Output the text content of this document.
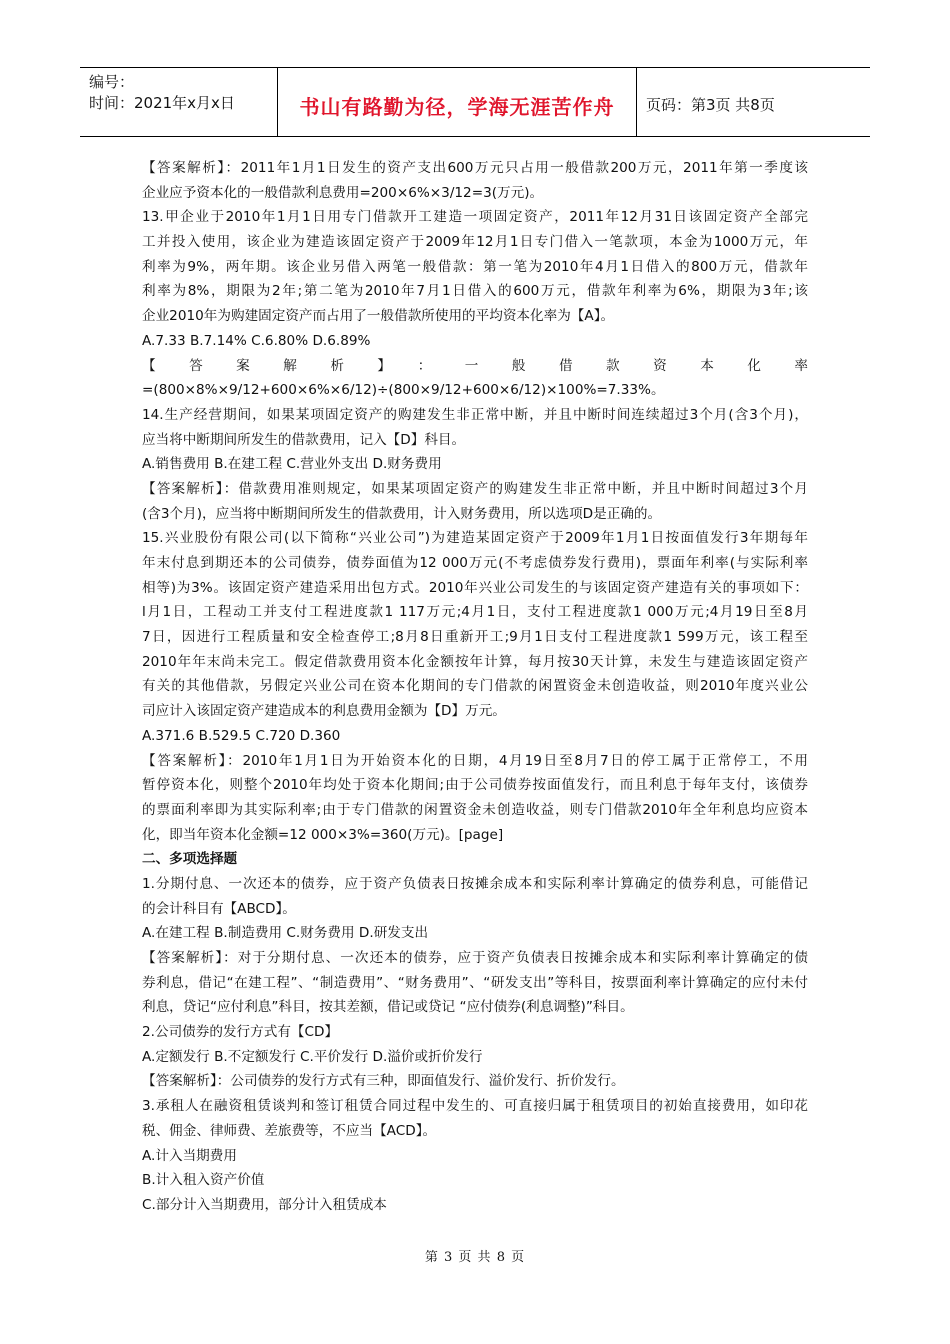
编号：
时间：2021年x月x日	书山有路勤为径，学海无涯苦作舟	页码：第3页 共8页
【答案解析】：2011年1月1日发生的资产支出600万元只占用一般借款200万元，2011年第一季度该
企业应予资本化的一般借款利息费用=200×6%×3/12=3(万元)。
13.甲企业于2010年1月1日用专门借款开工建造一项固定资产，2011年12月31日该固定资产全部完
工并投入使用，该企业为建造该固定资产于2009年12月1日专门借入一笔款项，本金为1000万元，年
利率为9%，两年期。该企业另借入两笔一般借款：第一笔为2010年4月1日借入的800万元，借款年
利率为8%，期限为2年;第二笔为2010年7月1日借入的600万元，借款年利率为6%，期限为3年;该
企业2010年为购建固定资产而占用了一般借款所使用的平均资本化率为【A】。
A.7.33 B.7.14% C.6.80% D.6.89%
【答案解析】：一般借款资本化率
=(800×8%×9/12+600×6%×6/12)÷(800×9/12+600×6/12)×100%=7.33%。
14.生产经营期间，如果某项固定资产的购建发生非正常中断，并且中断时间连续超过3个月(含3个月)，
应当将中断期间所发生的借款费用，记入【D】科目。
A.销售费用 B.在建工程 C.营业外支出 D.财务费用
【答案解析】：借款费用准则规定，如果某项固定资产的购建发生非正常中断，并且中断时间超过3个月
(含3个月)，应当将中断期间所发生的借款费用，计入财务费用，所以选项D是正确的。
15.兴业股份有限公司(以下简称“兴业公司”)为建造某固定资产于2009年1月1日按面值发行3年期每年
年末付息到期还本的公司债券，债券面值为12 000万元(不考虑债券发行费用)，票面年利率(与实际利率
相等)为3%。该固定资产建造采用出包方式。2010年兴业公司发生的与该固定资产建造有关的事项如下：
l月1日，工程动工并支付工程进度款1 117万元;4月1日，支付工程进度款1 000万元;4月19日至8月
7日，因进行工程质量和安全检查停工;8月8日重新开工;9月1日支付工程进度款1 599万元，该工程至
2010年年末尚未完工。假定借款费用资本化金额按年计算，每月按30天计算，未发生与建造该固定资产
有关的其他借款，另假定兴业公司在资本化期间的专门借款的闲置资金未创造收益，则2010年度兴业公
司应计入该固定资产建造成本的利息费用金额为【D】万元。
A.371.6 B.529.5 C.720 D.360
【答案解析】：2010年1月1日为开始资本化的日期，4月19日至8月7日的停工属于正常停工，不用
暂停资本化，则整个2010年均处于资本化期间;由于公司债券按面值发行，而且利息于每年支付，该债券
的票面利率即为其实际利率;由于专门借款的闲置资金未创造收益，则专门借款2010年全年利息均应资本
化，即当年资本化金额=12 000×3%=360(万元)。[page]
二、多项选择题
1.分期付息、一次还本的债券，应于资产负债表日按摊余成本和实际利率计算确定的债券利息，可能借记
的会计科目有【ABCD】。
A.在建工程 B.制造费用 C.财务费用 D.研发支出
【答案解析】：对于分期付息、一次还本的债券，应于资产负债表日按摊余成本和实际利率计算确定的债
券利息，借记“在建工程”、“制造费用”、“财务费用”、“研发支出”等科目，按票面利率计算确定的应付未付
利息，贷记“应付利息”科目，按其差额，借记或贷记 “应付债券(利息调整)”科目。
2.公司债券的发行方式有【CD】
A.定额发行 B.不定额发行 C.平价发行 D.溢价或折价发行
【答案解析】：公司债券的发行方式有三种，即面值发行、溢价发行、折价发行。
3.承租人在融资租赁谈判和签订租赁合同过程中发生的、可直接归属于租赁项目的初始直接费用，如印花
税、佣金、律师费、差旅费等，不应当【ACD】。
A.计入当期费用
B.计入租入资产价值
C.部分计入当期费用，部分计入租赁成本
第 3 页 共 8 页
